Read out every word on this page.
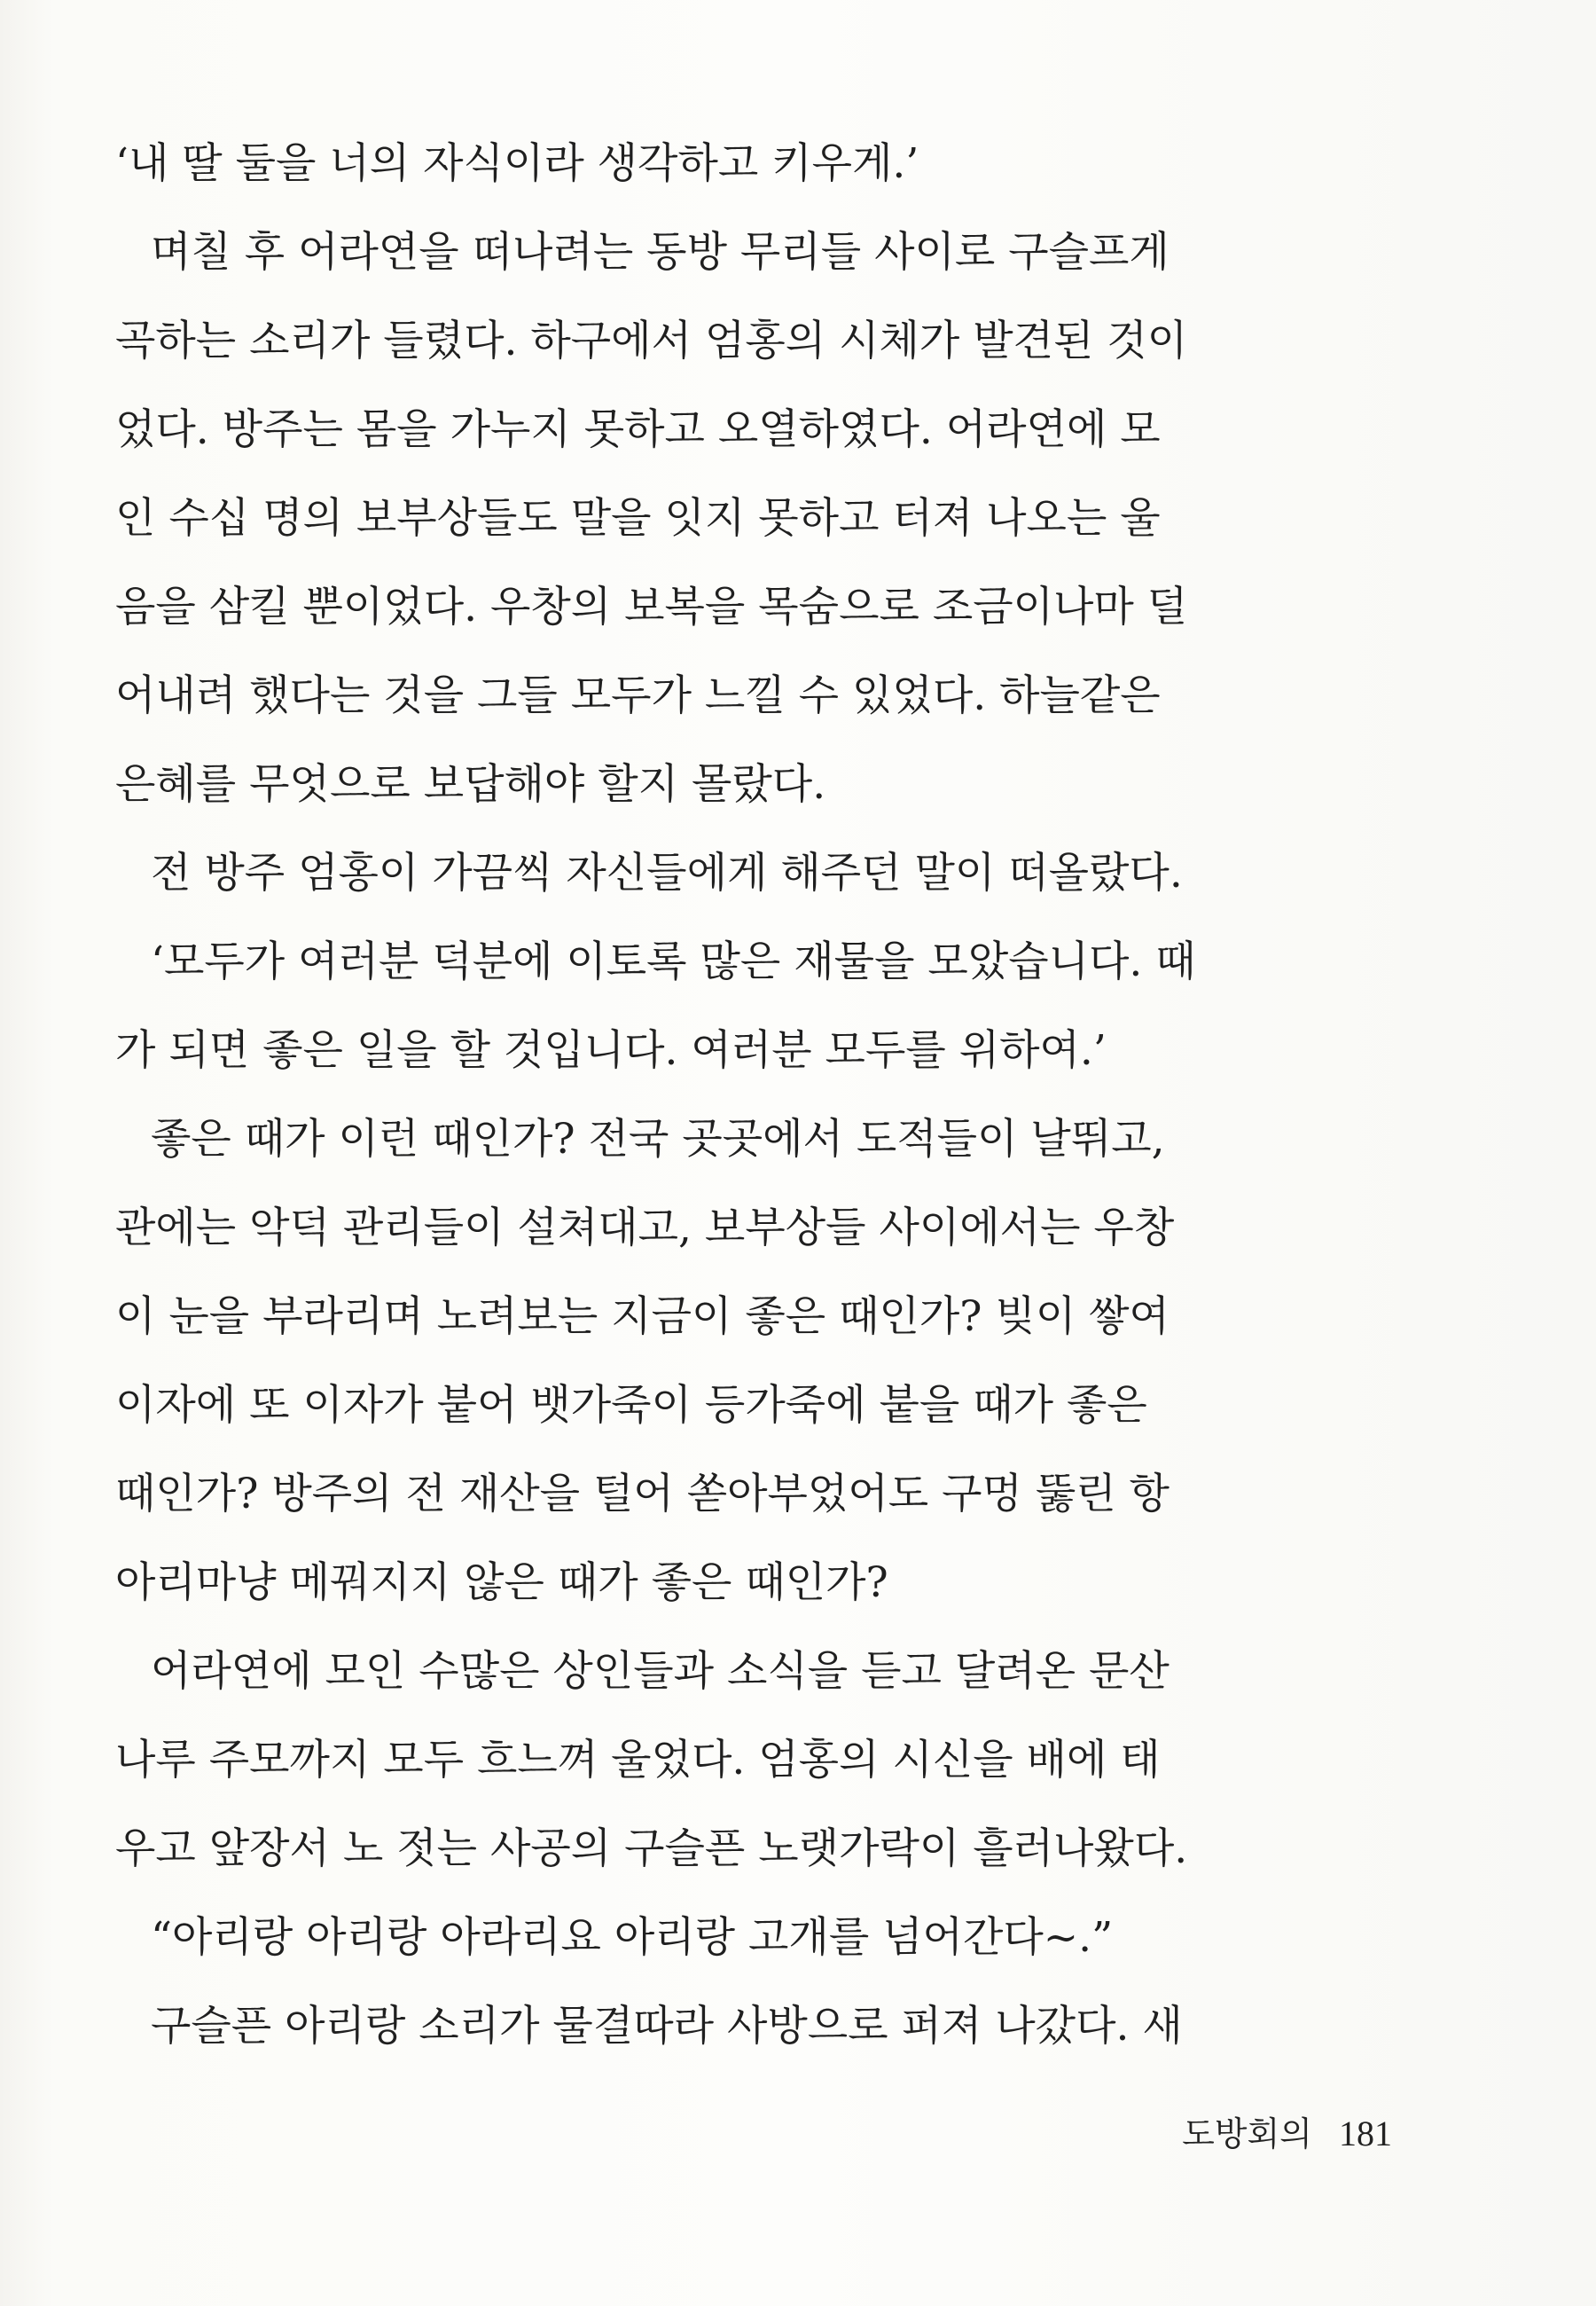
‘내 딸 둘을 너의 자식이라 생각하고 키우게.’
며칠 후 어라연을 떠나려는 동방 무리들 사이로 구슬프게
곡하는 소리가 들렸다. 하구에서 엄홍의 시체가 발견된 것이
었다. 방주는 몸을 가누지 못하고 오열하였다. 어라연에 모
인 수십 명의 보부상들도 말을 잇지 못하고 터져 나오는 울
음을 삼킬 뿐이었다. 우창의 보복을 목숨으로 조금이나마 덜
어내려 했다는 것을 그들 모두가 느낄 수 있었다. 하늘같은
은혜를 무엇으로 보답해야 할지 몰랐다.
전 방주 엄홍이 가끔씩 자신들에게 해주던 말이 떠올랐다.
‘모두가 여러분 덕분에 이토록 많은 재물을 모았습니다. 때
가 되면 좋은 일을 할 것입니다. 여러분 모두를 위하여.’
좋은 때가 이런 때인가? 전국 곳곳에서 도적들이 날뛰고,
관에는 악덕 관리들이 설쳐대고, 보부상들 사이에서는 우창
이 눈을 부라리며 노려보는 지금이 좋은 때인가? 빚이 쌓여
이자에 또 이자가 붙어 뱃가죽이 등가죽에 붙을 때가 좋은
때인가? 방주의 전 재산을 털어 쏟아부었어도 구멍 뚫린 항
아리마냥 메꿔지지 않은 때가 좋은 때인가?
어라연에 모인 수많은 상인들과 소식을 듣고 달려온 문산
나루 주모까지 모두 흐느껴 울었다. 엄홍의 시신을 배에 태
우고 앞장서 노 젓는 사공의 구슬픈 노랫가락이 흘러나왔다.
“아리랑 아리랑 아라리요 아리랑 고개를 넘어간다~.”
구슬픈 아리랑 소리가 물결따라 사방으로 퍼져 나갔다. 새
도방회의 181
